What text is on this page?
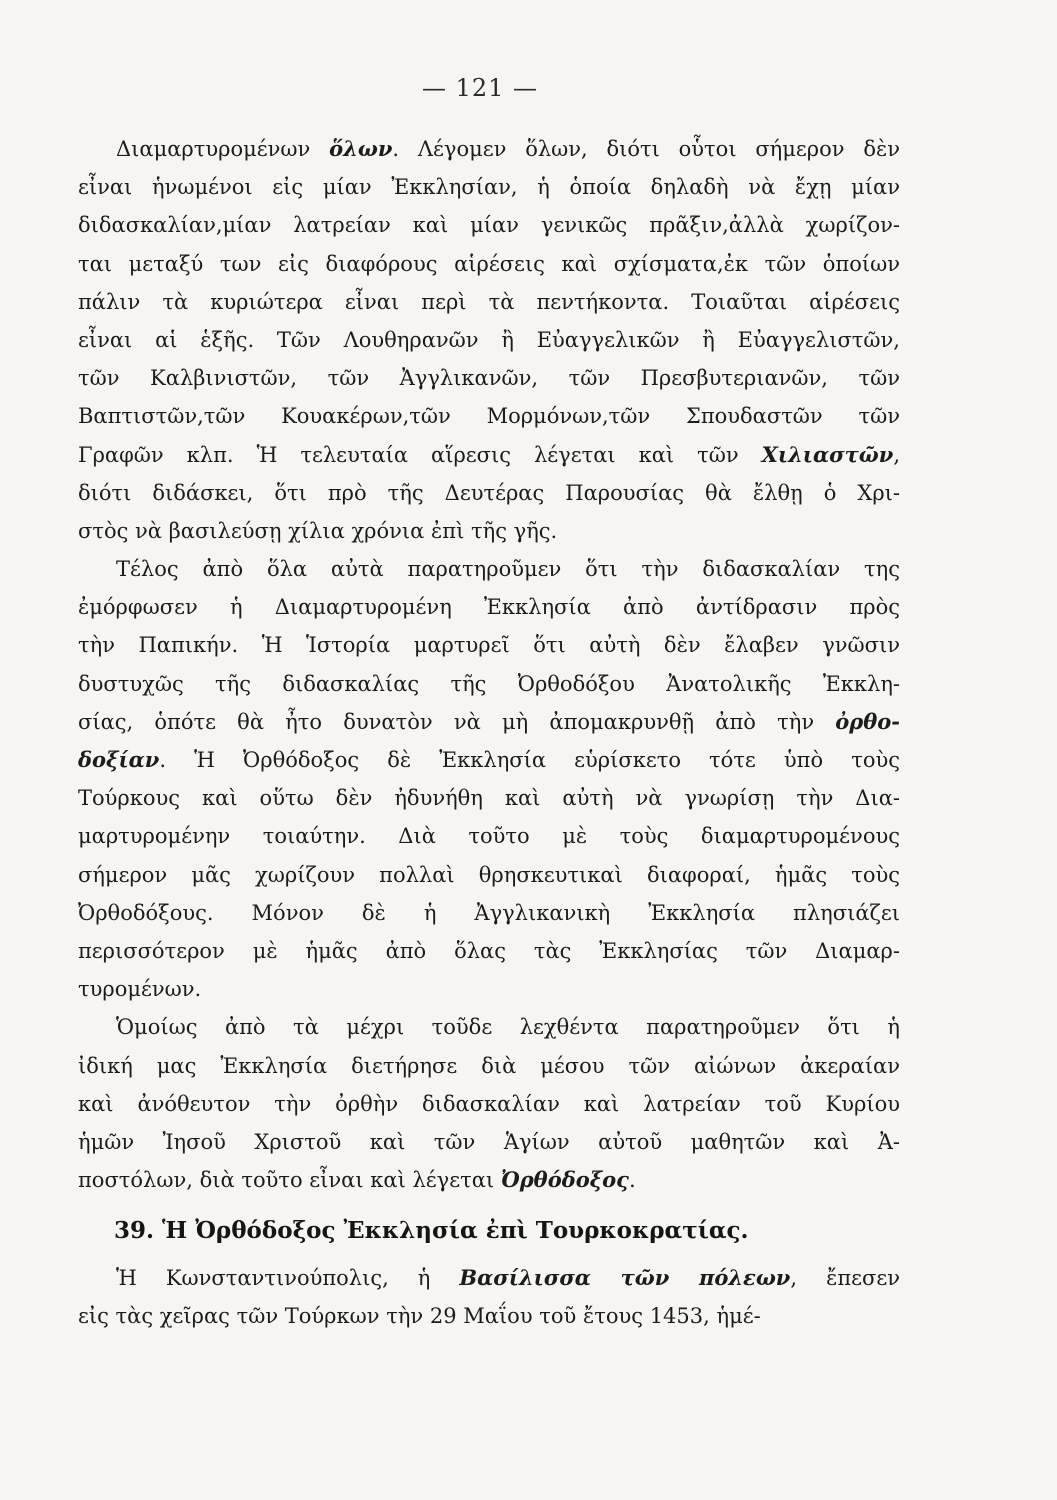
— 121 —
Διαμαρτυρομένων ὅλων. Λέγομεν ὅλων, διότι οὗτοι σήμερον δὲν
εἶναι ἡνωμένοι εἰς μίαν Ἐκκλησίαν, ἡ ὁποία δηλαδὴ νὰ ἔχῃ μίαν
διδασκαλίαν,μίαν λατρείαν καὶ μίαν γενικῶς πρᾶξιν,ἀλλὰ χωρίζον-
ται μεταξύ των εἰς διαφόρους αἱρέσεις καὶ σχίσματα,ἐκ τῶν ὁποίων
πάλιν τὰ κυριώτερα εἶναι περὶ τὰ πεντήκοντα. Τοιαῦται αἱρέσεις
εἶναι αἱ ἑξῆς. Τῶν Λουθηρανῶν ἢ Εὐαγγελικῶν ἢ Εὐαγγελιστῶν,
τῶν Καλβινιστῶν, τῶν Ἀγγλικανῶν, τῶν Πρεσβυτεριανῶν, τῶν
Βαπτιστῶν,τῶν Κουακέρων,τῶν Μορμόνων,τῶν Σπουδαστῶν τῶν
Γραφῶν κλπ. Ἡ τελευταία αἵρεσις λέγεται καὶ τῶν Χιλιαστῶν,
διότι διδάσκει, ὅτι πρὸ τῆς Δευτέρας Παρουσίας θὰ ἔλθῃ ὁ Χρι-
στὸς νὰ βασιλεύσῃ χίλια χρόνια ἐπὶ τῆς γῆς.
Τέλος ἀπὸ ὅλα αὐτὰ παρατηροῦμεν ὅτι τὴν διδασκαλίαν της
ἐμόρφωσεν ἡ Διαμαρτυρομένη Ἐκκλησία ἀπὸ ἀντίδρασιν πρὸς
τὴν Παπικήν. Ἡ Ἱστορία μαρτυρεῖ ὅτι αὐτὴ δὲν ἔλαβεν γνῶσιν
δυστυχῶς τῆς διδασκαλίας τῆς Ὀρθοδόξου Ἀνατολικῆς Ἐκκλη-
σίας, ὁπότε θὰ ἦτο δυνατὸν νὰ μὴ ἀπομακρυνθῇ ἀπὸ τὴν ὀρθο-
δοξίαν. Ἡ Ὀρθόδοξος δὲ Ἐκκλησία εὑρίσκετο τότε ὑπὸ τοὺς
Τούρκους καὶ οὕτω δὲν ἠδυνήθη καὶ αὐτὴ νὰ γνωρίσῃ τὴν Δια-
μαρτυρομένην τοιαύτην. Διὰ τοῦτο μὲ τοὺς διαμαρτυρομένους
σήμερον μᾶς χωρίζουν πολλαὶ θρησκευτικαὶ διαφοραί, ἡμᾶς τοὺς
Ὀρθοδόξους. Μόνον δὲ ἡ Ἀγγλικανικὴ Ἐκκλησία πλησιάζει
περισσότερον μὲ ἡμᾶς ἀπὸ ὅλας τὰς Ἐκκλησίας τῶν Διαμαρ-
τυρομένων.
Ὁμοίως ἀπὸ τὰ μέχρι τοῦδε λεχθέντα παρατηροῦμεν ὅτι ἡ
ἰδική μας Ἐκκλησία διετήρησε διὰ μέσου τῶν αἰώνων ἀκεραίαν
καὶ ἀνόθευτον τὴν ὀρθὴν διδασκαλίαν καὶ λατρείαν τοῦ Κυρίου
ἡμῶν Ἰησοῦ Χριστοῦ καὶ τῶν Ἁγίων αὐτοῦ μαθητῶν καὶ Ἀ-
ποστόλων, διὰ τοῦτο εἶναι καὶ λέγεται Ὀρθόδοξος.
39. Ἡ Ὀρθόδοξος Ἐκκλησία ἐπὶ Τουρκοκρατίας.
Ἡ Κωνσταντινούπολις, ἡ Βασίλισσα τῶν πόλεων, ἔπεσεν
εἰς τὰς χεῖρας τῶν Τούρκων τὴν 29 Μαΐου τοῦ ἔτους 1453, ἡμέ-
